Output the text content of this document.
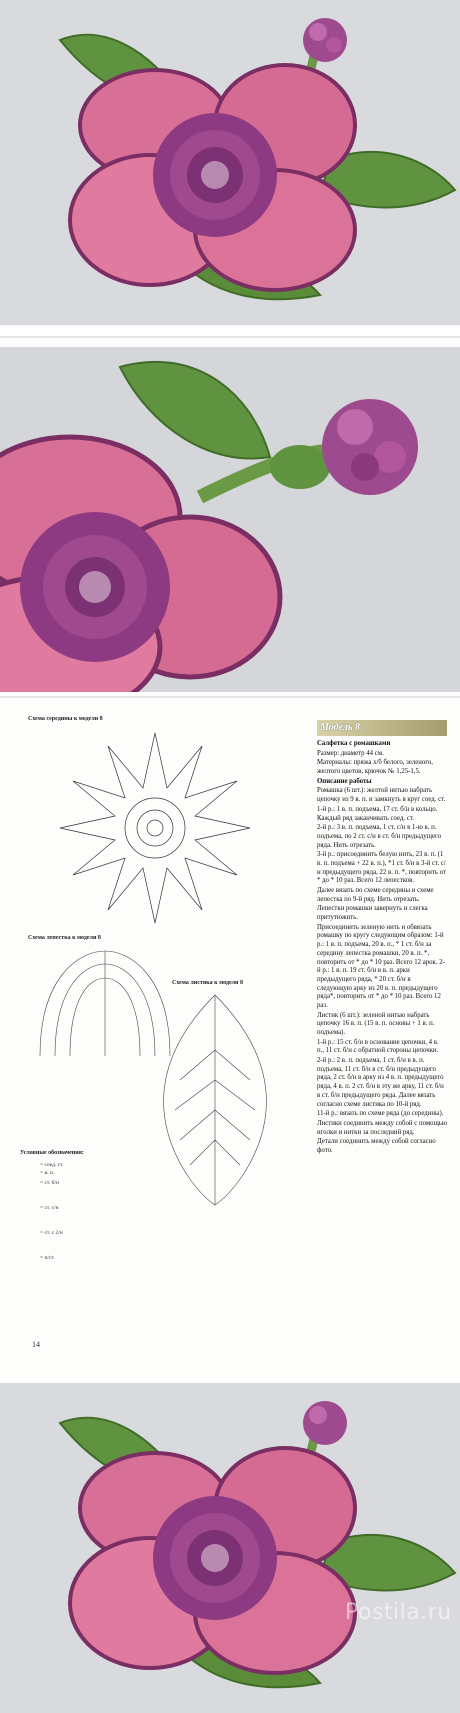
Схема середины к модели 8
Схема лепестка к модели 8
Схема листика к модели 8
Условные обозначения:
= соед. ст.
= в. п.
= ст. б/н
= ст. с/н
= ст. с 2/н
= п/ст.
Модель 8

Салфетка с ромашками

Размер: диаметр 44 см.

Материалы: пряжа х/б белого, зеленого, желтого цветов, крючок № 1,25-1,5.

Описание работы

Ромашка (6 шт.): желтой нитью набрать цепочку из 9 в. п. и замкнуть в круг соед. ст.

1-й р.: 1 в. п. подъема, 17 ст. б/н в кольцо. Каждый ряд заканчивать соед. ст.

2-й р.: 3 в. п. подъема, 1 ст. с/н в 1-ю в. п. подъема, по 2 ст. с/н в ст. б/н предыдущего ряда. Нить отрезать.

3-й р.: присоединить белую нить, 23 в. п. (1 в. п. подъема + 22 в. п.), *1 ст. б/н в 3-й ст. с/н предыдущего ряда, 22 в. п. *, повторить от * до * 10 раз. Всего 12 лепестков.

Далее вязать по схеме середины и схеме лепестка по 9-й ряд. Нить отрезать.

Лепестки ромашки завернуть и слегка притутюжить.

Присоединить зеленую нить и обвязать ромашку по кругу следующим образом: 1-й р.: 1 в. п. подъема, 20 в. п., * 1 ст. б/н за середину лепестка ромашки, 20 в. п. *, повторить от * до * 10 раз. Всего 12 арок. 2-й р.: 1 в. п. 19 ст. б/н в в. п. арки предыдущего ряда, * 20 ст. б/н в следующую арку из 20 в. п. предыдущего ряда*, повторить от * до * 10 раз. Всего 12 раз.

Листик (6 шт.): зеленой нитью набрать цепочку 16 в. п. (15 в. п. основы + 1 в. п. подъема).

1-й р.: 15 ст. б/н в основание цепочки, 4 в. п., 11 ст. б/н с обратной стороны цепочки.

2-й р.: 2 в. п. подъема, 1 ст. б/н в в. п. подъема, 11 ст. б/н в ст. б/н предыдущего ряда, 2 ст. б/н в арку из 4 в. п. предыдущего ряда, 4 в. п. 2 ст. б/н в эту же арку, 11 ст. б/н в ст. б/н предыдущего ряда. Далее вязать согласно схеме листика по 10-й ряд.

11-й р.: вязать по схеме ряда (до середины).

Листики соединить между собой с помощью иголки и нитки за последний ряд.

Детали соединить между собой согласно фото.

14
Postila.ru
